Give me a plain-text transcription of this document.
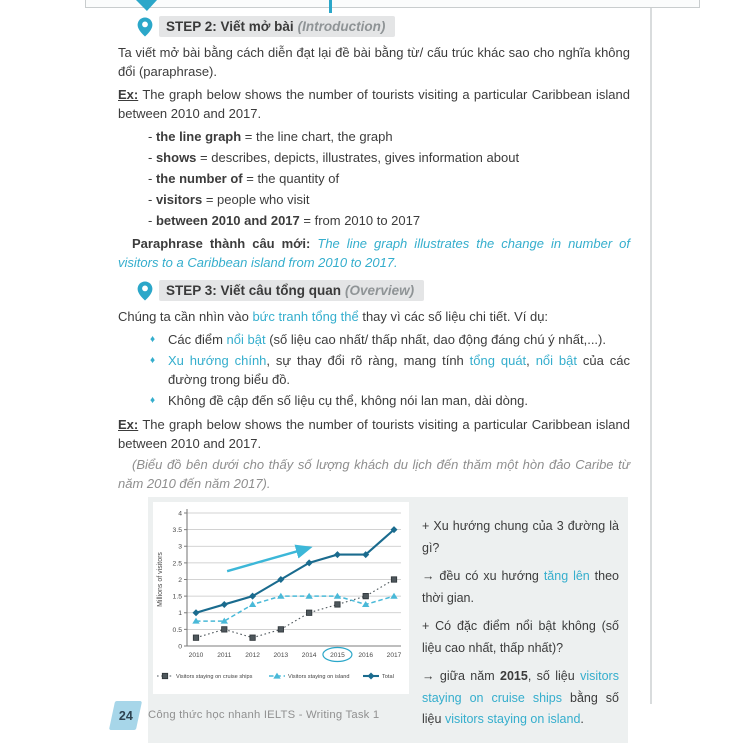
STEP 2: Viết mở bài (Introduction)

Ta viết mở bài bằng cách diễn đạt lại đề bài bằng từ/ cấu trúc khác sao cho nghĩa không đổi (paraphrase).

Ex: The graph below shows the number of tourists visiting a particular Caribbean island between 2010 and 2017.
- the line graph = the line chart, the graph
- shows = describes, depicts, illustrates, gives information about
- the number of = the quantity of
- visitors = people who visit
- between 2010 and 2017 = from 2010 to 2017
Paraphrase thành câu mới: The line graph illustrates the change in number of visitors to a Caribbean island from 2010 to 2017.
STEP 3: Viết câu tổng quan (Overview)
Chúng ta cần nhìn vào bức tranh tổng thể thay vì các số liệu chi tiết. Ví dụ:
♦ Các điểm nổi bật (số liệu cao nhất/ thấp nhất, dao động đáng chú ý nhất,...).
♦ Xu hướng chính, sự thay đổi rõ ràng, mang tính tổng quát, nổi bật của các đường trong biểu đồ.
♦ Không đề cập đến số liệu cụ thể, không nói lan man, dài dòng.
Ex: The graph below shows the number of tourists visiting a particular Caribbean island between 2010 and 2017.

(Biểu đồ bên dưới cho thấy số lượng khách du lịch đến thăm một hòn đảo Caribe từ năm 2010 đến năm 2017).

0
0.5
1
1.5
2
2.5
3
3.5
4
2010 2011 2012 2013 2014 2015 2016 2017
Millions of visitors
Visitors staying on cruise ships	Visitors staying on island	Total
+ Xu hướng chung của 3 đường là gì?
→ đều có xu hướng tăng lên theo thời gian.
+ Có đặc điểm nổi bật không (số liệu cao nhất, thấp nhất)?
→ giữa năm 2015, số liệu visitors staying on cruise ships bằng số liệu visitors staying on island.
24 Công thức học nhanh IELTS - Writing Task 1
